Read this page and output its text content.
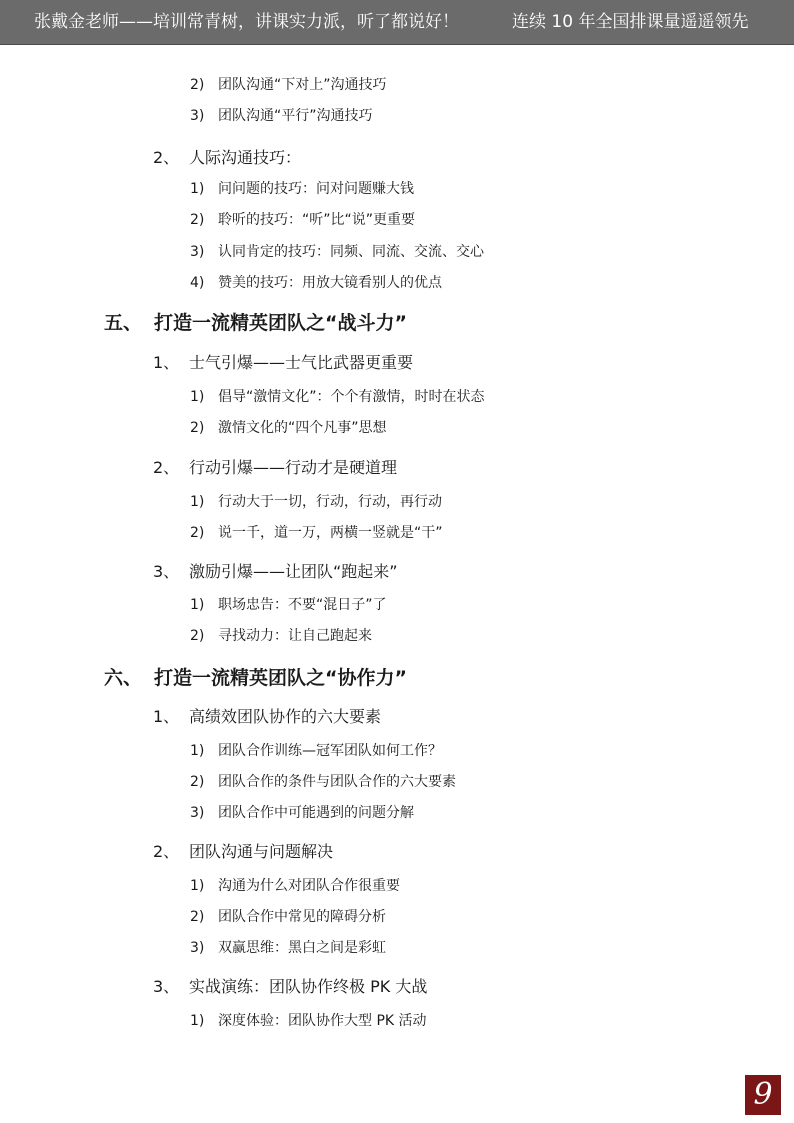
张戴金老师——培训常青树，讲课实力派，听了都说好！	连续 10 年全国排课量遥遥领先
2) 团队沟通“下对上”沟通技巧
3) 团队沟通“平行”沟通技巧
2、 人际沟通技巧：
1) 问问题的技巧：问对问题赚大钱
2) 聆听的技巧：“听”比“说”更重要
3) 认同肯定的技巧：同频、同流、交流、交心
4) 赞美的技巧：用放大镜看别人的优点
五、 打造一流精英团队之“战斗力”
1、 士气引爆——士气比武器更重要
1) 倡导“激情文化”：个个有激情，时时在状态
2) 激情文化的“四个凡事”思想
2、 行动引爆——行动才是硬道理
1) 行动大于一切，行动，行动，再行动
2) 说一千，道一万，两横一竖就是“干”
3、 激励引爆——让团队“跑起来”
1) 职场忠告：不要“混日子”了
2) 寻找动力：让自己跑起来
六、 打造一流精英团队之“协作力”
1、 高绩效团队协作的六大要素
1) 团队合作训练—冠军团队如何工作？
2) 团队合作的条件与团队合作的六大要素
3) 团队合作中可能遇到的问题分解
2、 团队沟通与问题解决
1) 沟通为什么对团队合作很重要
2) 团队合作中常见的障碍分析
3) 双赢思维：黑白之间是彩虹
3、 实战演练：团队协作终极 PK 大战
1) 深度体验：团队协作大型 PK 活动
9
